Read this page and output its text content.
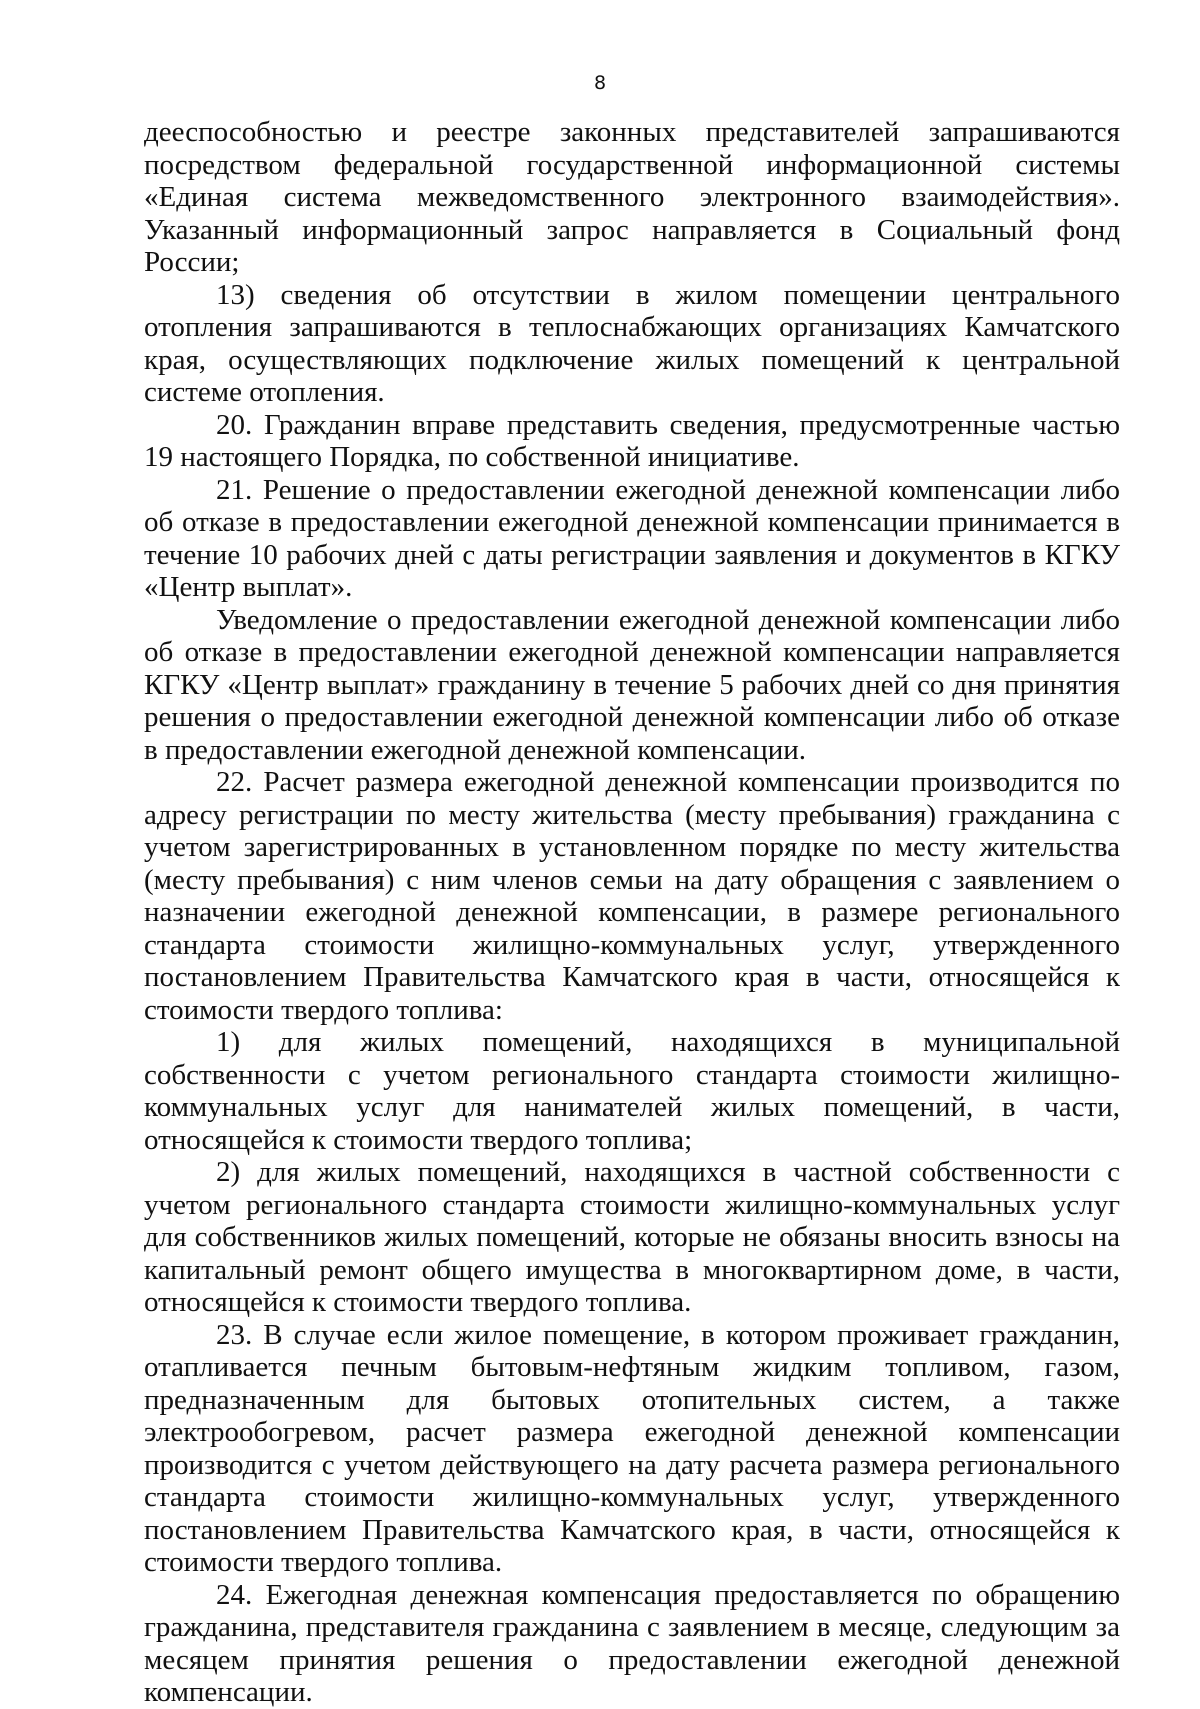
8

дееспособностью и реестре законных представителей запрашиваются посредством федеральной государственной информационной системы «Единая система межведомственного электронного взаимодействия». Указанный информационный запрос направляется в Социальный фонд России;

13) сведения об отсутствии в жилом помещении центрального отопления запрашиваются в теплоснабжающих организациях Камчатского края, осуществляющих подключение жилых помещений к центральной системе отопления.

20. Гражданин вправе представить сведения, предусмотренные частью 19 настоящего Порядка, по собственной инициативе.

21. Решение о предоставлении ежегодной денежной компенсации либо об отказе в предоставлении ежегодной денежной компенсации принимается в течение 10 рабочих дней с даты регистрации заявления и документов в КГКУ «Центр выплат».

Уведомление о предоставлении ежегодной денежной компенсации либо об отказе в предоставлении ежегодной денежной компенсации направляется КГКУ «Центр выплат» гражданину в течение 5 рабочих дней со дня принятия решения о предоставлении ежегодной денежной компенсации либо об отказе в предоставлении ежегодной денежной компенсации.

22. Расчет размера ежегодной денежной компенсации производится по адресу регистрации по месту жительства (месту пребывания) гражданина с учетом зарегистрированных в установленном порядке по месту жительства (месту пребывания) с ним членов семьи на дату обращения с заявлением о назначении ежегодной денежной компенсации, в размере регионального стандарта стоимости жилищно-коммунальных услуг, утвержденного постановлением Правительства Камчатского края в части, относящейся к стоимости твердого топлива:

1) для жилых помещений, находящихся в муниципальной собственности с учетом регионального стандарта стоимости жилищно-коммунальных услуг для нанимателей жилых помещений, в части, относящейся к стоимости твердого топлива;

2) для жилых помещений, находящихся в частной собственности с учетом регионального стандарта стоимости жилищно-коммунальных услуг для собственников жилых помещений, которые не обязаны вносить взносы на капитальный ремонт общего имущества в многоквартирном доме, в части, относящейся к стоимости твердого топлива.

23. В случае если жилое помещение, в котором проживает гражданин, отапливается печным бытовым-нефтяным жидким топливом, газом, предназначенным для бытовых отопительных систем, а также электрообогревом, расчет размера ежегодной денежной компенсации производится с учетом действующего на дату расчета размера регионального стандарта стоимости жилищно-коммунальных услуг, утвержденного постановлением Правительства Камчатского края, в части, относящейся к стоимости твердого топлива.

24. Ежегодная денежная компенсация предоставляется по обращению гражданина, представителя гражданина с заявлением в месяце, следующим за месяцем принятия решения о предоставлении ежегодной денежной компенсации.
